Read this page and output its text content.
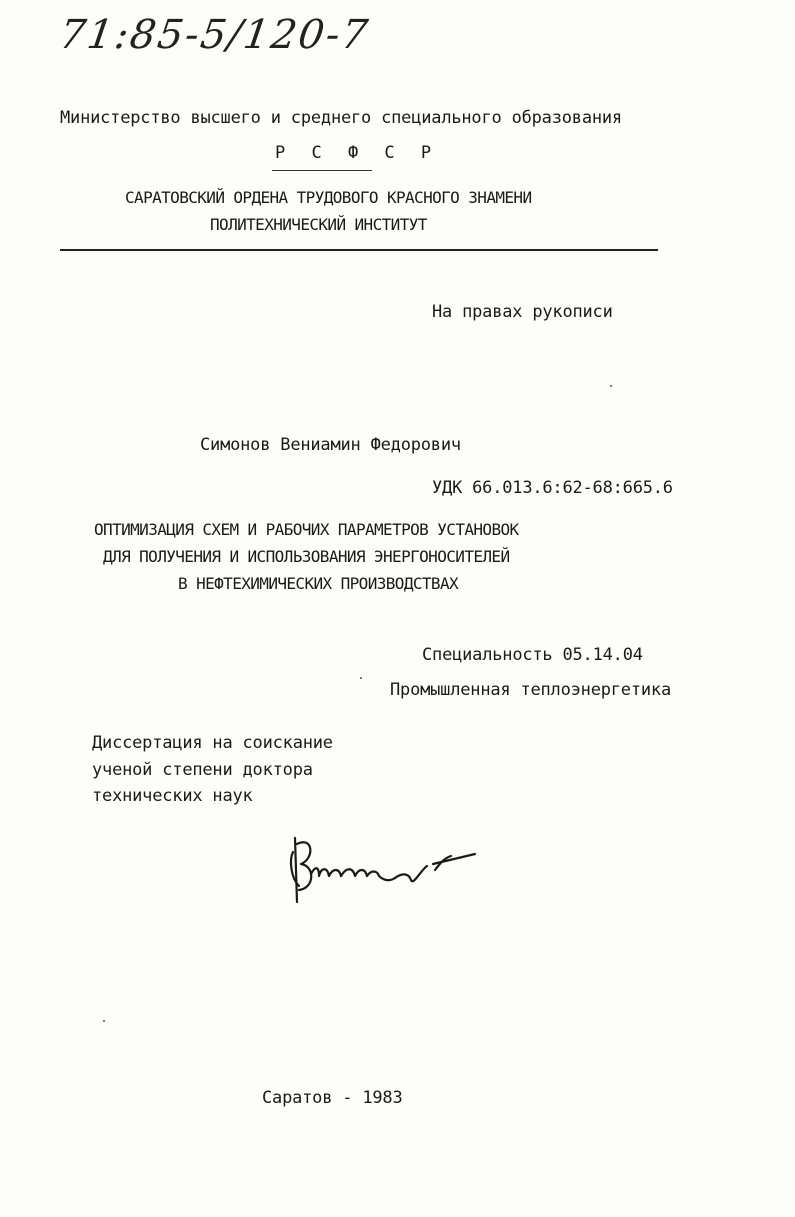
71:85-5/120-7
Министерство высшего и среднего специального образования
Р С Ф С Р
САРАТОВСКИЙ ОРДЕНА ТРУДОВОГО КРАСНОГО ЗНАМЕНИ
ПОЛИТЕХНИЧЕСКИЙ ИНСТИТУТ
На правах рукописи
Симонов Вениамин Федорович
УДК 66.013.6:62-68:665.6
ОПТИМИЗАЦИЯ СХЕМ И РАБОЧИХ ПАРАМЕТРОВ УСТАНОВОК
ДЛЯ ПОЛУЧЕНИЯ И ИСПОЛЬЗОВАНИЯ ЭНЕРГОНОСИТЕЛЕЙ
В НЕФТЕХИМИЧЕСКИХ ПРОИЗВОДСТВАХ
Специальность 05.14.04
Промышленная теплоэнергетика
Диссертация на соискание
ученой степени доктора
технических наук
Саратов - 1983
